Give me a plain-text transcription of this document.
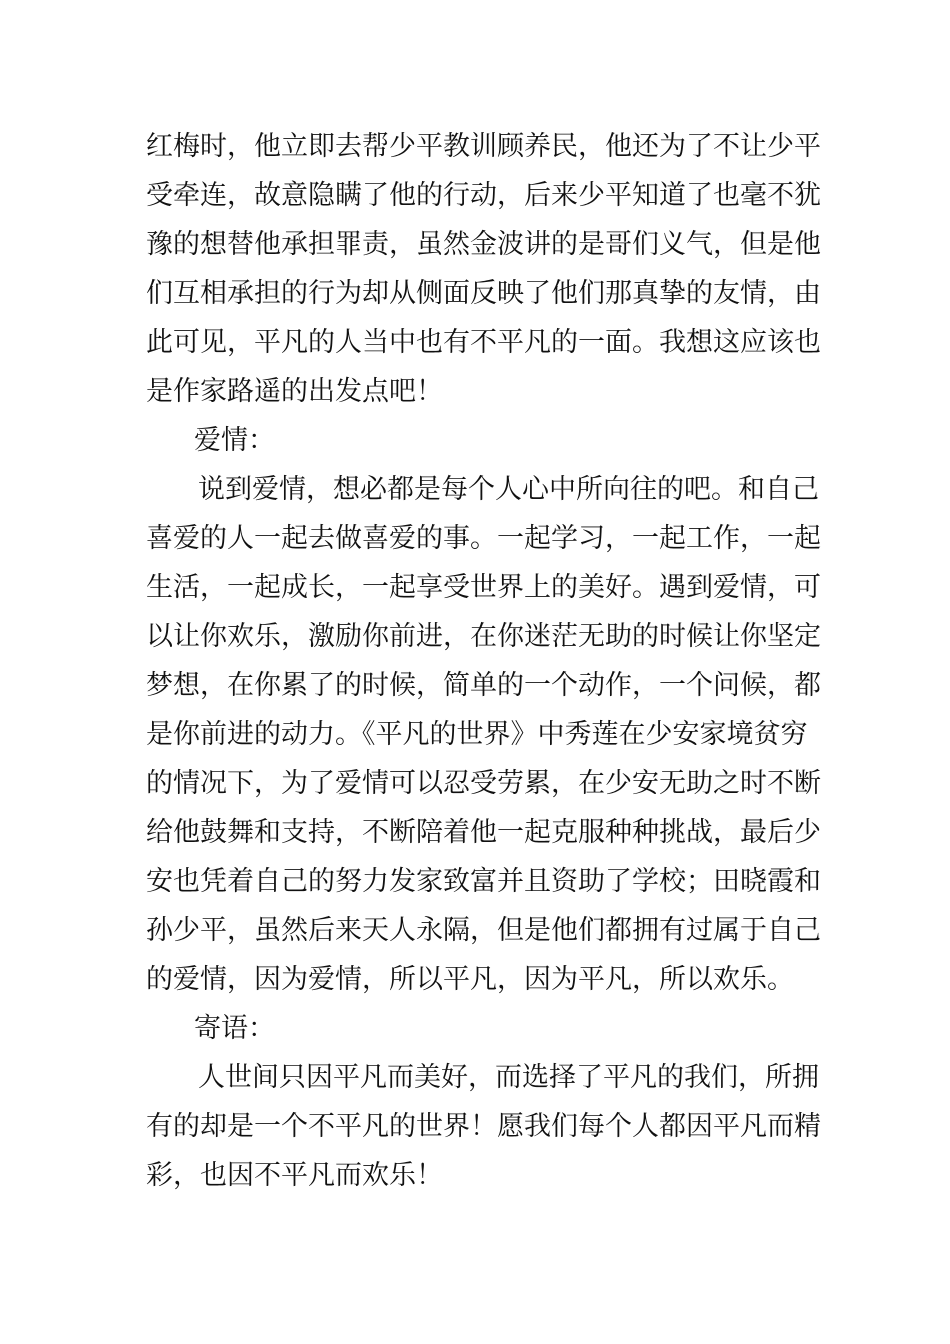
红梅时，他立即去帮少平教训顾养民，他还为了不让少平
受牵连，故意隐瞒了他的行动，后来少平知道了也毫不犹
豫的想替他承担罪责，虽然金波讲的是哥们义气，但是他
们互相承担的行为却从侧面反映了他们那真挚的友情，由
此可见，平凡的人当中也有不平凡的一面。我想这应该也
是作家路遥的出发点吧！
爱情：
说到爱情，想必都是每个人心中所向往的吧。和自己
喜爱的人一起去做喜爱的事。一起学习，一起工作，一起
生活，一起成长，一起享受世界上的美好。遇到爱情，可
以让你欢乐，激励你前进，在你迷茫无助的时候让你坚定
梦想，在你累了的时候，简单的一个动作，一个问候，都
是你前进的动力。《平凡的世界》中秀莲在少安家境贫穷
的情况下，为了爱情可以忍受劳累，在少安无助之时不断
给他鼓舞和支持，不断陪着他一起克服种种挑战，最后少
安也凭着自己的努力发家致富并且资助了学校；田晓霞和
孙少平，虽然后来天人永隔，但是他们都拥有过属于自己
的爱情，因为爱情，所以平凡，因为平凡，所以欢乐。
寄语：
人世间只因平凡而美好，而选择了平凡的我们，所拥
有的却是一个不平凡的世界！愿我们每个人都因平凡而精
彩，也因不平凡而欢乐！
